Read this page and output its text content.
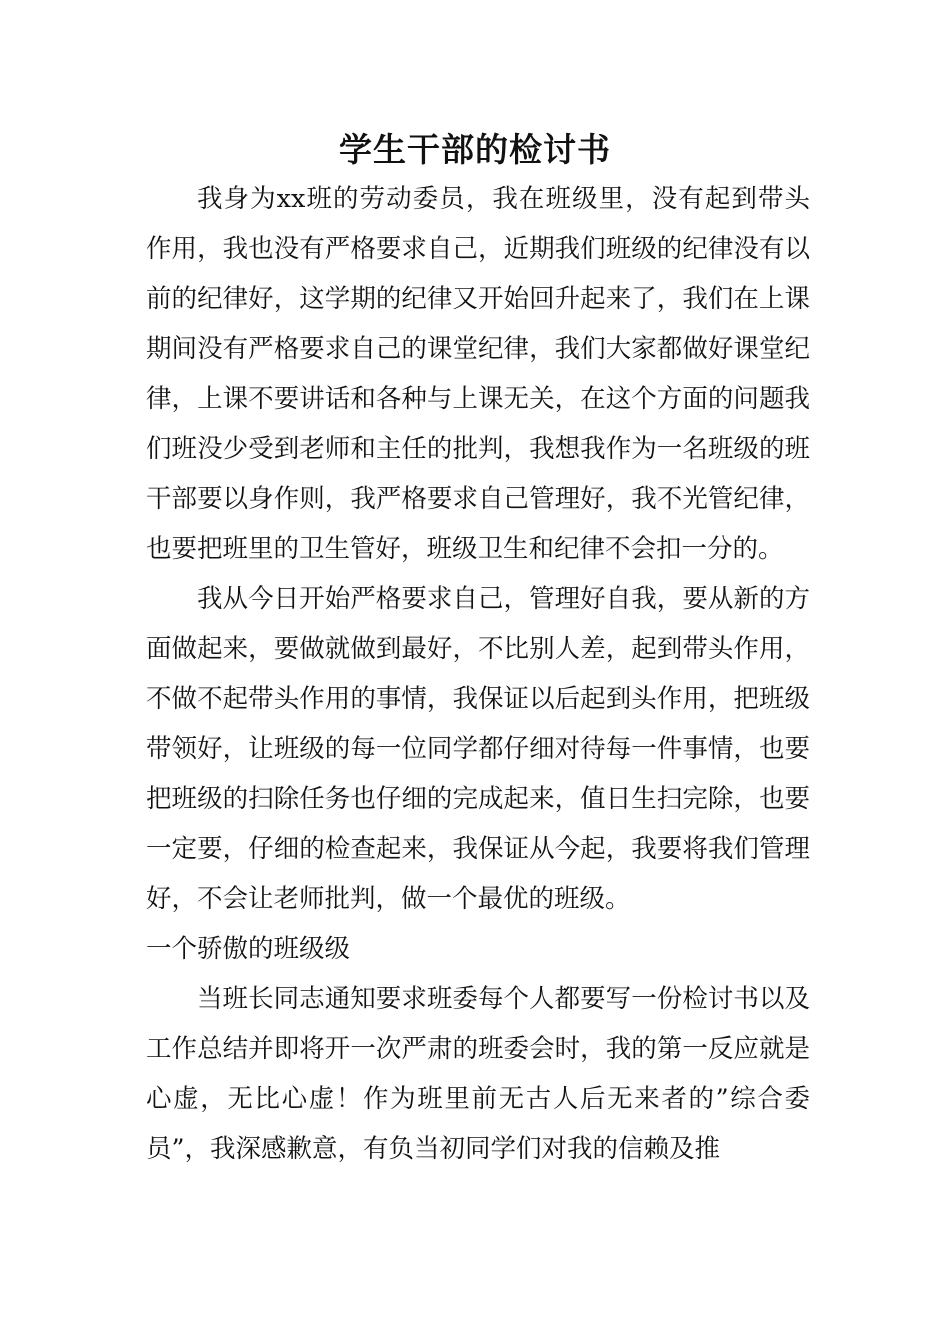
学生干部的检讨书

我身为xx班的劳动委员，我在班级里，没有起到带头作用，我也没有严格要求自己，近期我们班级的纪律没有以前的纪律好，这学期的纪律又开始回升起来了，我们在上课期间没有严格要求自己的课堂纪律，我们大家都做好课堂纪律，上课不要讲话和各种与上课无关，在这个方面的问题我们班没少受到老师和主任的批判，我想我作为一名班级的班干部要以身作则，我严格要求自己管理好，我不光管纪律，也要把班里的卫生管好，班级卫生和纪律不会扣一分的。

我从今日开始严格要求自己，管理好自我，要从新的方面做起来，要做就做到最好，不比别人差，起到带头作用，不做不起带头作用的事情，我保证以后起到头作用，把班级带领好，让班级的每一位同学都仔细对待每一件事情，也要把班级的扫除任务也仔细的完成起来，值日生扫完除，也要一定要，仔细的检查起来，我保证从今起，我要将我们管理好，不会让老师批判，做一个最优的班级。

一个骄傲的班级级

当班长同志通知要求班委每个人都要写一份检讨书以及工作总结并即将开一次严肃的班委会时，我的第一反应就是心虚，无比心虚！作为班里前无古人后无来者的”综合委员”，我深感歉意，有负当初同学们对我的信赖及推
